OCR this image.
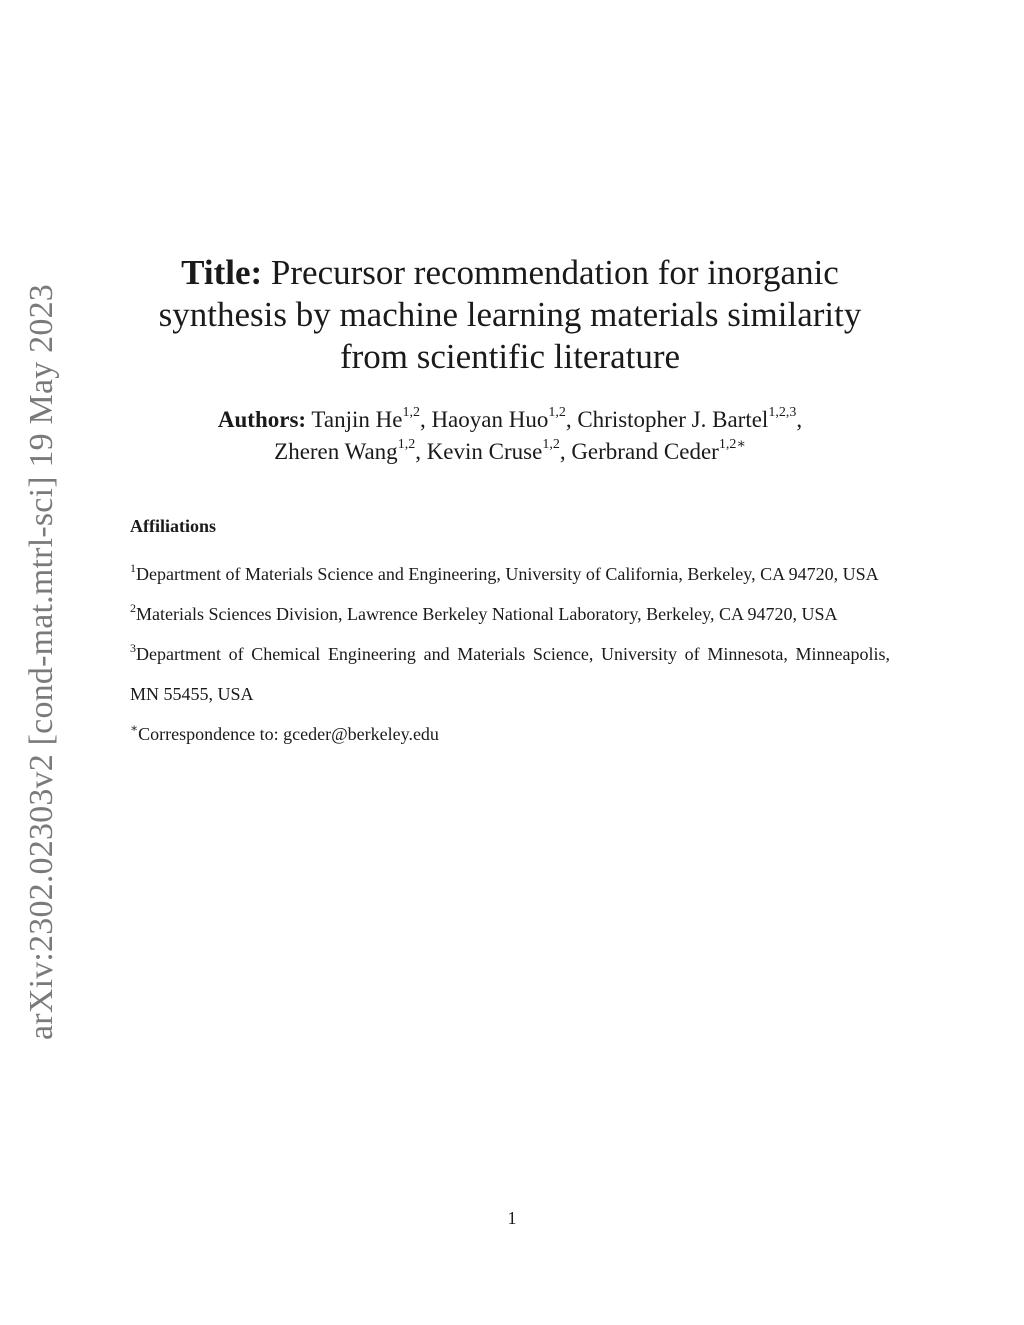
arXiv:2302.02303v2 [cond-mat.mtrl-sci] 19 May 2023
Title: Precursor recommendation for inorganic
synthesis by machine learning materials similarity
from scientific literature
Authors: Tanjin He$^{1,2}$, Haoyan Huo$^{1,2}$, Christopher J. Bartel$^{1,2,3}$,
Zheren Wang$^{1,2}$, Kevin Cruse$^{1,2}$, Gerbrand Ceder$^{1,2∗}$
Affiliations
$^1$Department of Materials Science and Engineering, University of California, Berkeley, CA 94720, USA
$^2$Materials Sciences Division, Lawrence Berkeley National Laboratory, Berkeley, CA 94720, USA
$^3$Department of Chemical Engineering and Materials Science, University of Minnesota, Minneapolis, MN 55455, USA
∗Correspondence to: gceder@berkeley.edu
1
